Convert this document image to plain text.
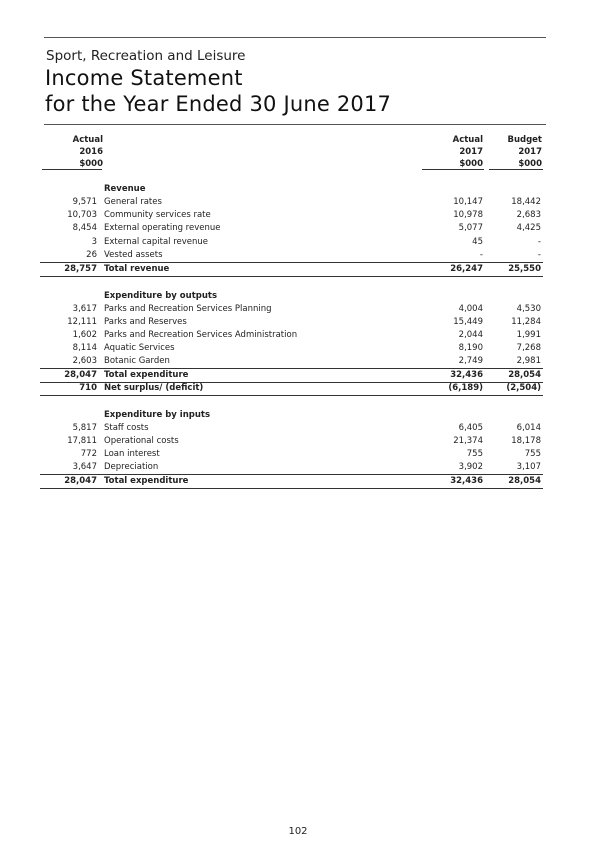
Sport, Recreation and Leisure
Income Statement
for the Year Ended 30 June 2017
Actual
2016
$000
Actual
2017
$000
Budget
2017
$000
Revenue
9,571 General rates	10,147	18,442
10,703 Community services rate	10,978	2,683
8,454 External operating revenue	5,077	4,425
3 External capital revenue	45	-
26 Vested assets	-	-
28,757 Total revenue	26,247	25,550
Expenditure by outputs
3,617 Parks and Recreation Services Planning	4,004	4,530
12,111 Parks and Reserves	15,449	11,284
1,602 Parks and Recreation Services Administration	2,044	1,991
8,114 Aquatic Services	8,190	7,268
2,603 Botanic Garden	2,749	2,981
28,047 Total expenditure	32,436	28,054
710 Net surplus/ (deficit)	(6,189)	(2,504)
Expenditure by inputs
5,817 Staff costs	6,405	6,014
17,811 Operational costs	21,374	18,178
772 Loan interest	755	755
3,647 Depreciation	3,902	3,107
28,047 Total expenditure	32,436	28,054
102
